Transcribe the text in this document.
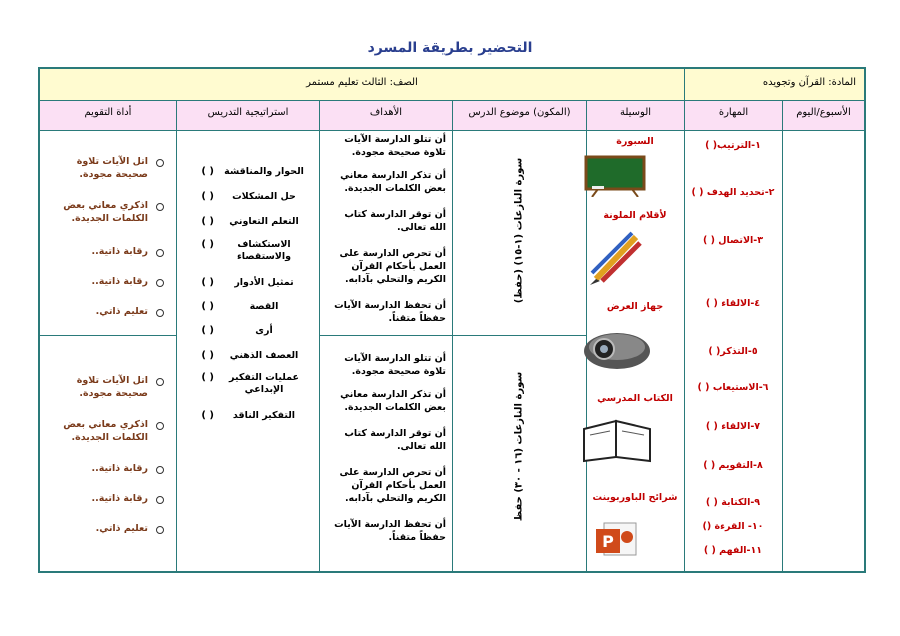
التحضير بطريقة المسرد
المادة: القرآن وتجويده
الصف: الثالث تعليم مستمر
الأسبوع/اليوم
المهارة
الوسيلة
(المكون) موضوع الدرس
الأهداف
استراتيجية التدريس
أداة التقويم
١-الترتيب( )
٢-تحديد الهدف ( )
٣-الاتصال ( )
٤-الالقاء ( )
٥-التذكر( )
٦-الاستيعاب ( )
٧-الالقاء ( )
٨-التقويم ( )
٩-الكتابة ( )
١٠- القرءة ()
١١-الفهم ( )
السبورة
لأقلام الملونة
جهاز العرض
الكتاب المدرسي
شرائح الباوربوينت
P
سورة النازعات (١-١٥) (حفظ)
سورة النازعات (١٦ - ٣٠) حفظ
أن تتلو الدارسة الآيات تلاوة صحيحة مجودة.
أن تذكر الدارسة معاني بعض الكلمات الجديدة.
أن توقر الدارسة كتاب الله تعالى.
أن تحرص الدارسة على العمل بأحكام القرآن الكريم والتحلي بآدابه.
أن تحفظ الدارسة الآيات حفظاً متقناً.
أن تتلو الدارسة الآيات تلاوة صحيحة مجودة.
أن تذكر الدارسة معاني بعض الكلمات الجديدة.
أن توقر الدارسة كتاب الله تعالى.
أن تحرص الدارسة على العمل بأحكام القرآن الكريم والتحلي بآدابه.
أن تحفظ الدارسة الآيات حفظاً متقناً.
الحوار والمناقشة
( )
حل المشكلات
( )
التعلم التعاوني
( )
الاستكشاف والاستقصاء
( )
تمثيل الأدوار
( )
القصة
( )
أرى
( )
العصف الذهني
( )
عمليات التفكير الإبداعي
( )
التفكير الناقد
( )
اتل الآيات تلاوة صحيحة مجودة.
اذكري معاني بعض الكلمات الجديدة.
رقابة ذاتية..
رقابة ذاتية..
تعليم ذاتي.
اتل الآيات تلاوة صحيحة مجودة.
اذكري معاني بعض الكلمات الجديدة.
رقابة ذاتية..
رقابة ذاتية..
تعليم ذاتي.
